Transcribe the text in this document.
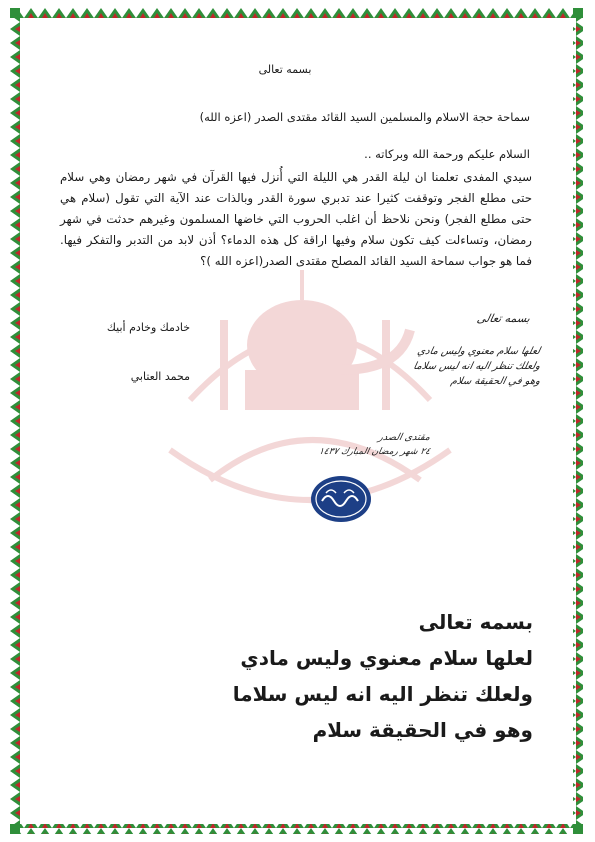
بسمه تعالى
سماحة حجة الاسلام والمسلمين السيد القائد مقتدى الصدر (اعزه الله)
السلام عليكم ورحمة الله وبركاته ..
سيدي المفدى تعلمنا ان ليلة القدر هي الليلة التي أُنزل فيها القرآن في شهر رمضان وهي سلام حتى مطلع الفجر وتوقفت كثيرا عند تدبري سورة القدر وبالذات عند الآية التي تقول (سلام هي حتى مطلع الفجر) ونحن نلاحظ أن اغلب الحروب التي خاضها المسلمون وغيرهم حدثت في شهر رمضان، وتساءلت كيف تكون سلام وفيها اراقة كل هذه الدماء؟ أذن لابد من التدبر والتفكر فيها. فما هو جواب سماحة السيد القائد المصلح مقتدى الصدر(اعزه الله )؟
خادمك وخادم أبيك
محمد العتابي
بسمه تعالى
لعلها سلام معنوي وليس مادي
ولعلك تنظر اليه انه ليس سلاما
وهو في الحقيقة سلام
مقتدى الصدر
٢٤ شهر رمضان المبارك ١٤٣٧
بسمه تعالى
لعلها سلام معنوي وليس مادي
ولعلك تنظر اليه انه ليس سلاما
وهو في الحقيقة سلام
